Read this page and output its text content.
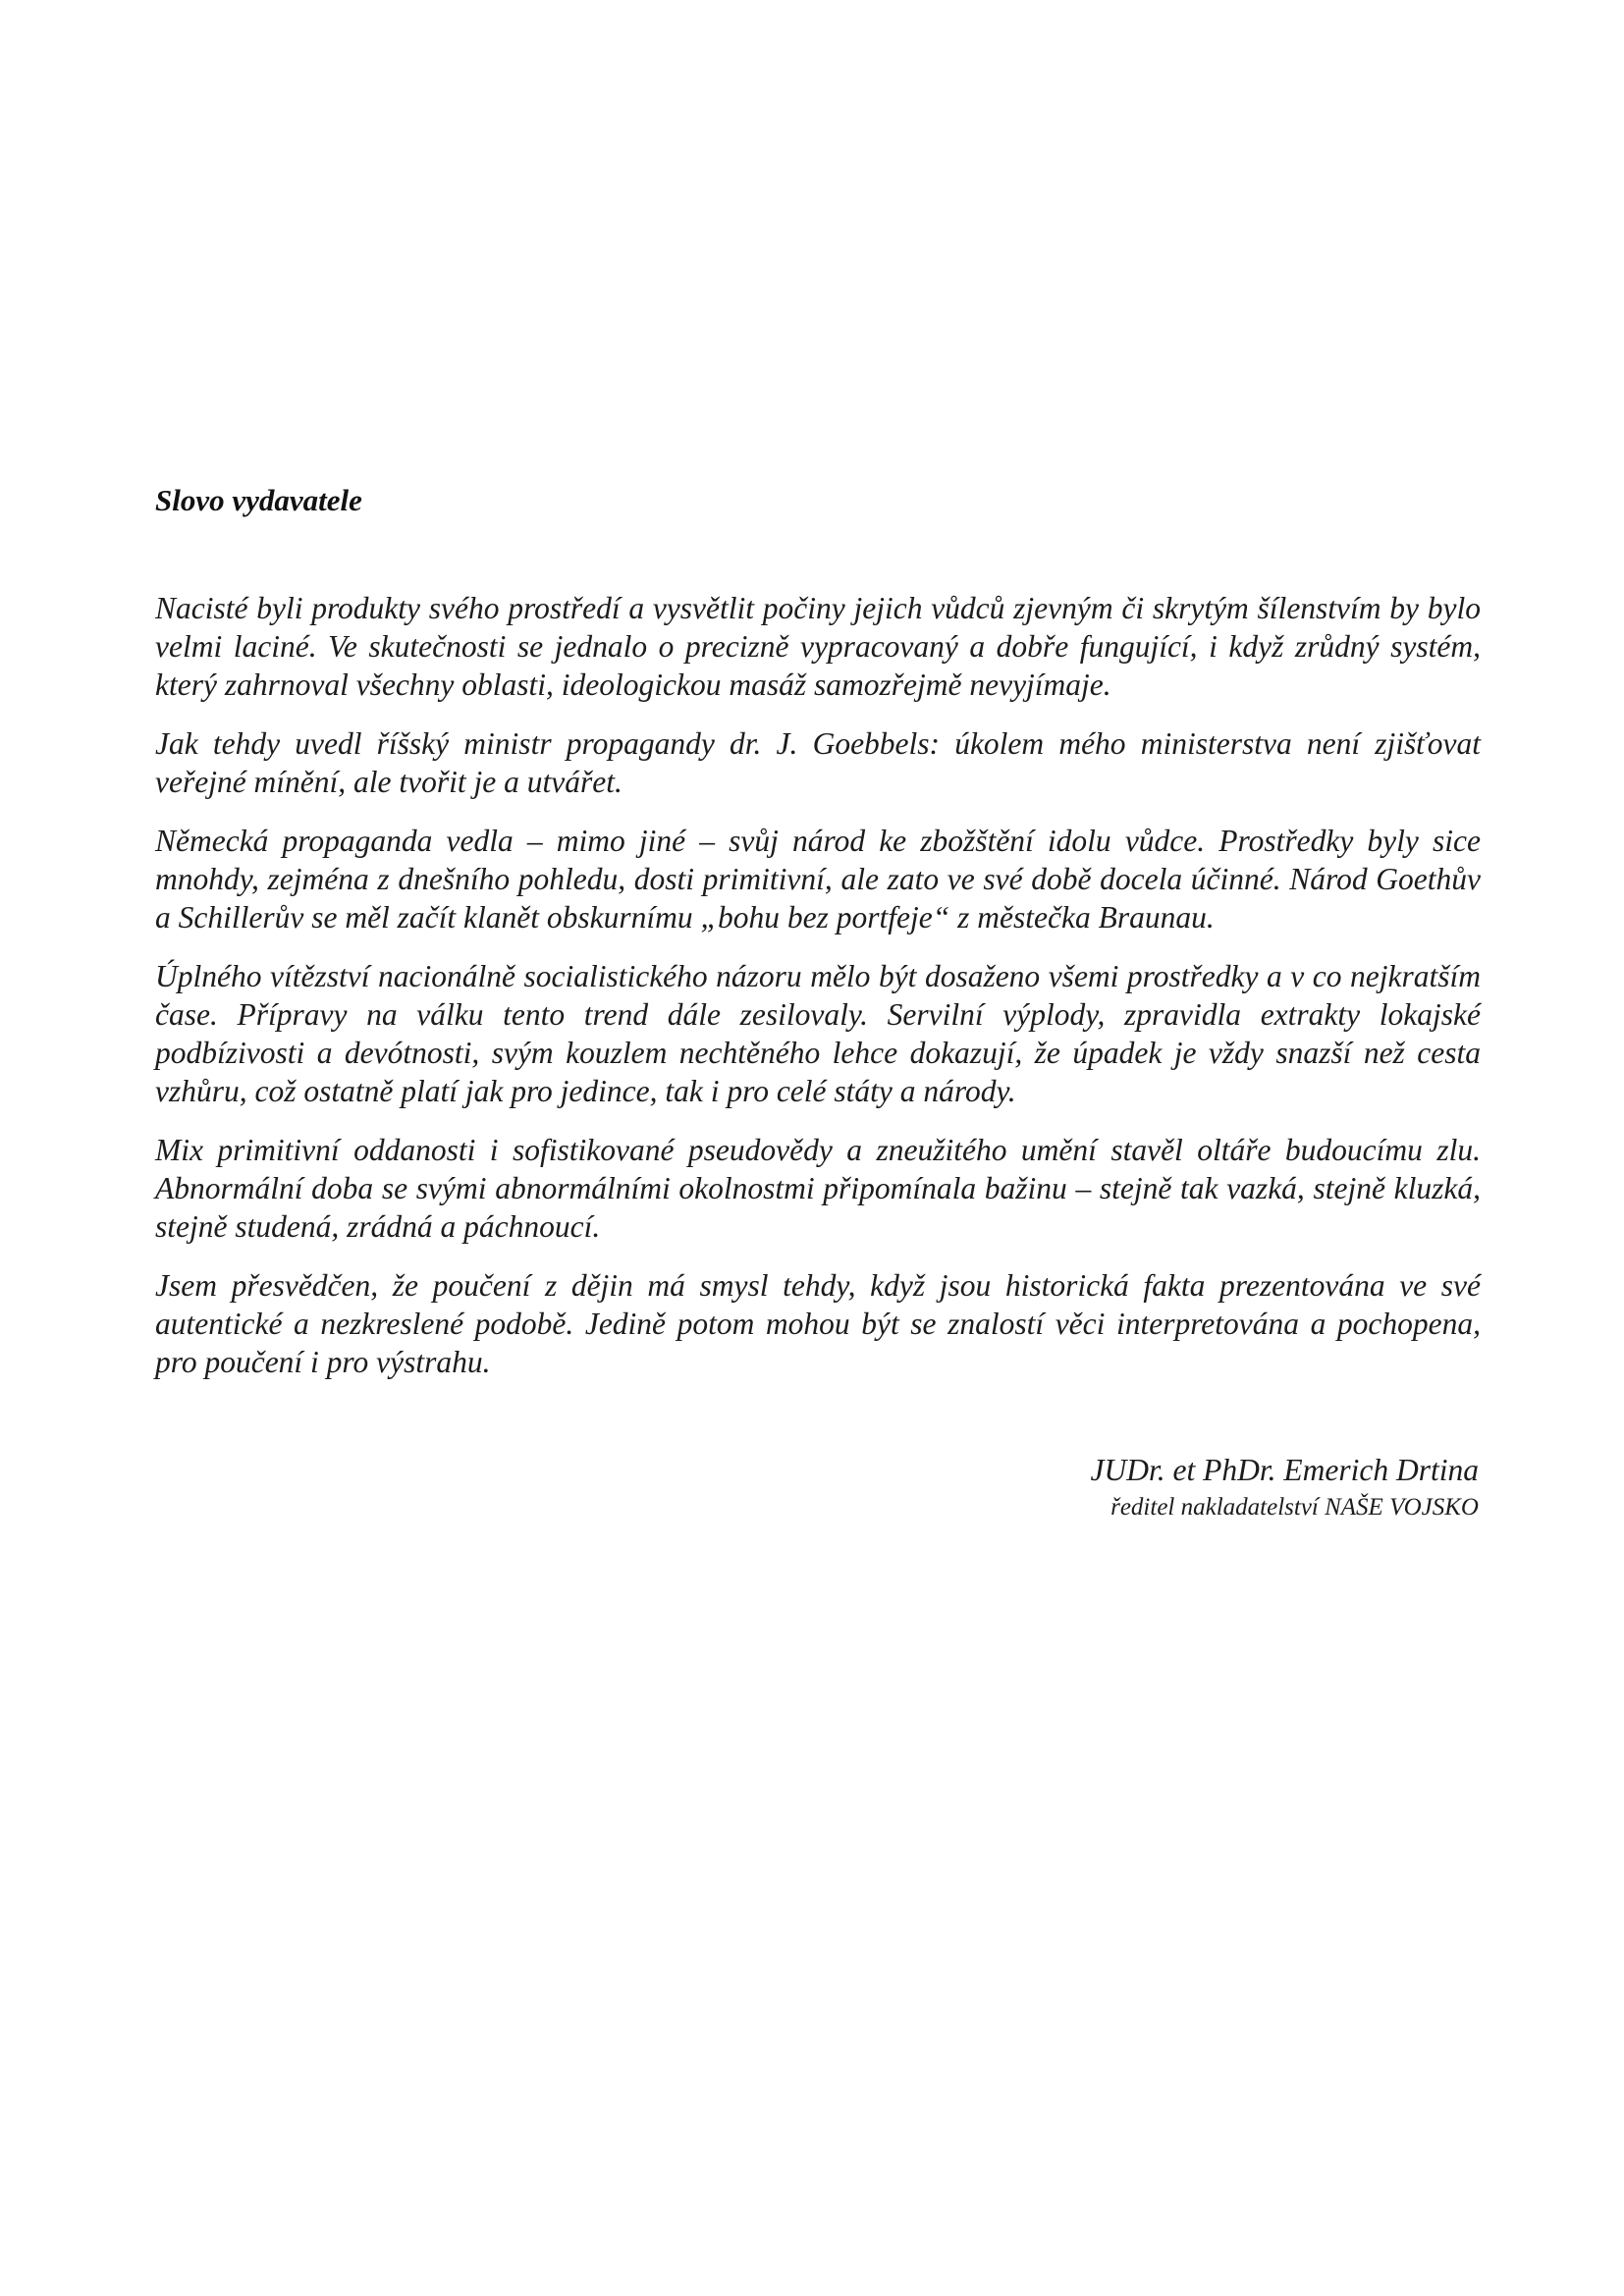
Slovo vydavatele

Nacisté byli produkty svého prostředí a vysvětlit počiny jejich vůdců zjevným či skrytým šílenstvím by bylo velmi laciné. Ve skutečnosti se jednalo o precizně vypracovaný a dobře fungující, i když zrůdný systém, který zahrnoval všechny oblasti, ideologickou masáž samozřejmě nevyjímaje.

Jak tehdy uvedl říšský ministr propagandy dr. J. Goebbels: úkolem mého ministerstva není zjišťovat veřejné mínění, ale tvořit je a utvářet.

Německá propaganda vedla – mimo jiné – svůj národ ke zbožštění idolu vůdce. Prostředky byly sice mnohdy, zejména z dnešního pohledu, dosti primitivní, ale zato ve své době docela účinné. Národ Goethův a Schillerův se měl začít klanět obskurnímu „bohu bez portfeje“ z městečka Braunau.

Úplného vítězství nacionálně socialistického názoru mělo být dosaženo všemi prostředky a v co nejkratším čase. Přípravy na válku tento trend dále zesilovaly. Servilní výplody, zpravidla extrakty lokajské podbízivosti a devótnosti, svým kouzlem nechtěného lehce dokazují, že úpadek je vždy snazší než cesta vzhůru, což ostatně platí jak pro jedince, tak i pro celé státy a národy.

Mix primitivní oddanosti i sofistikované pseudovědy a zneužitého umění stavěl oltáře budoucímu zlu. Abnormální doba se svými abnormálními okolnostmi připomínala bažinu – stejně tak vazká, stejně kluzká, stejně studená, zrádná a páchnoucí.

Jsem přesvědčen, že poučení z dějin má smysl tehdy, když jsou historická fakta prezentována ve své autentické a nezkreslené podobě. Jedině potom mohou být se znalostí věci interpretována a pochopena, pro poučení i pro výstrahu.

JUDr. et PhDr. Emerich Drtina
ředitel nakladatelství NAŠE VOJSKO
